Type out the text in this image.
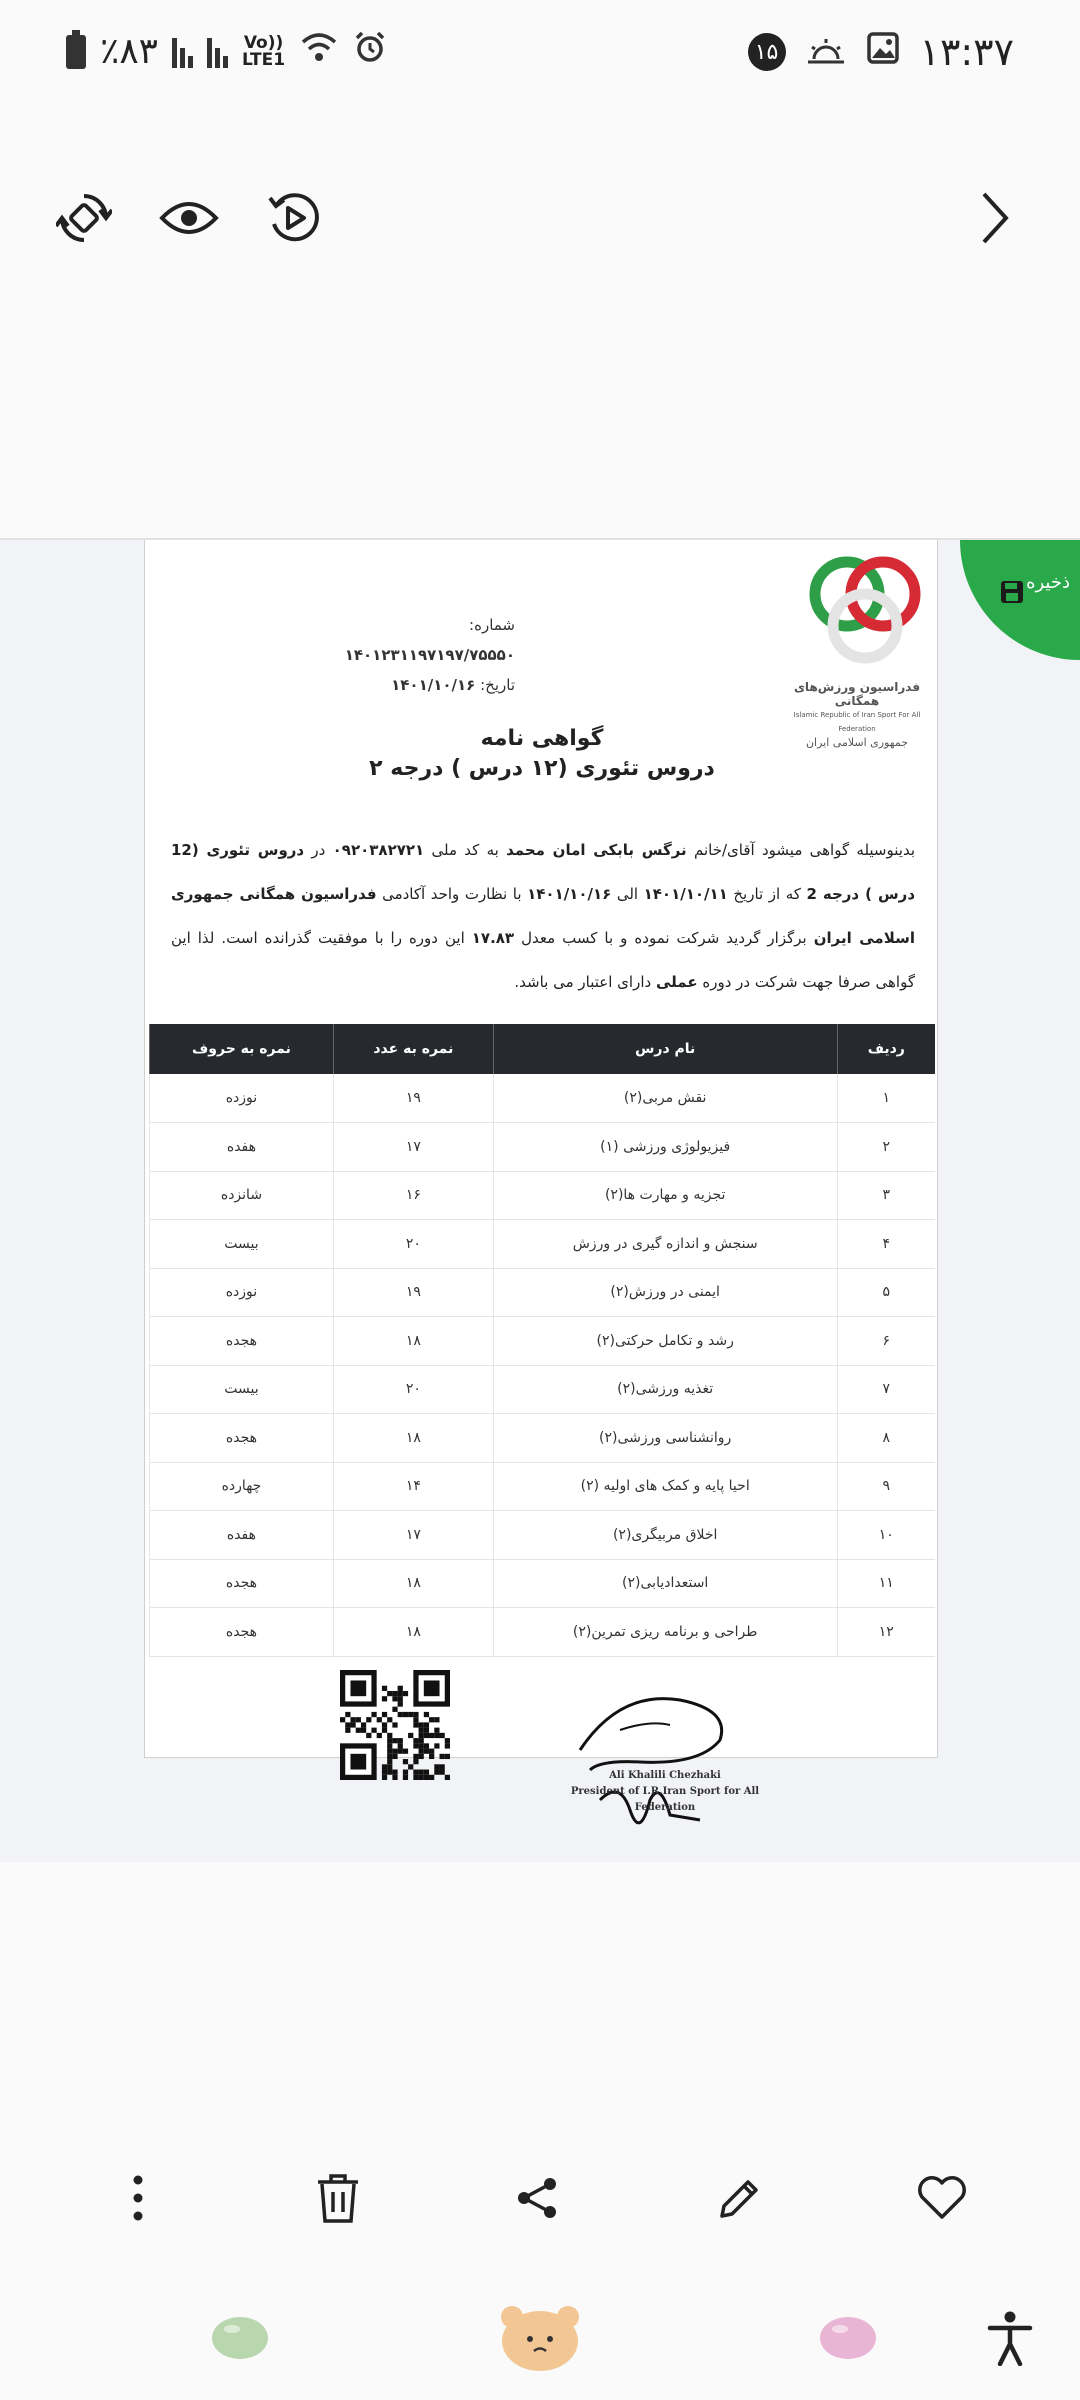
٪۸۳	Vo))
LTE1	۱۵	۱۳:۳۷
فدراسیون ورزش‌های همگانی
Islamic Republic of Iran Sport For All Federation
جمهوری اسلامی ایران
شماره: ۱۴۰۱۲۳۱۱۹۷۱۹۷/۷۵۵۵۰
تاریخ: ۱۴۰۱/۱۰/۱۶
گواهی نامه
دروس تئوری (۱۲ درس ) درجه ۲
بدینوسیله گواهی میشود آقای/خانم نرگس بابکی امان محمد به کد ملی ۰۹۲۰۳۸۲۷۲۱ در دروس تئوری (12 درس ) درجه 2 که از تاریخ ۱۴۰۱/۱۰/۱۱ الی ۱۴۰۱/۱۰/۱۶ با نظارت واحد آکادمی فدراسیون همگانی جمهوری اسلامی ایران برگزار گردید شرکت نموده و با کسب معدل ۱۷.۸۳ این دوره را با موفقیت گذرانده است. لذا این گواهی صرفا جهت شرکت در دوره عملی دارای اعتبار می باشد.
ردیف	نام درس	نمره به عدد	نمره به حروف
۱	نقش مربی(۲)	۱۹	نوزده
۲	فیزیولوژی ورزشی (۱)	۱۷	هفده
۳	تجزیه و مهارت ها(۲)	۱۶	شانزده
۴	سنجش و اندازه گیری در ورزش	۲۰	بیست
۵	ایمنی در ورزش(۲)	۱۹	نوزده
۶	رشد و تکامل حرکتی(۲)	۱۸	هجده
۷	تغذیه ورزشی(۲)	۲۰	بیست
۸	روانشناسی ورزشی(۲)	۱۸	هجده
۹	احیا پایه و کمک های اولیه (۲)	۱۴	چهارده
۱۰	اخلاق مربیگری(۲)	۱۷	هفده
۱۱	استعدادیابی(۲)	۱۸	هجده
۱۲	طراحی و برنامه ریزی تمرین(۲)	۱۸	هجده
ذخیره
Ali Khalili Chezhaki
President of I.R.Iran Sport for All Federation
